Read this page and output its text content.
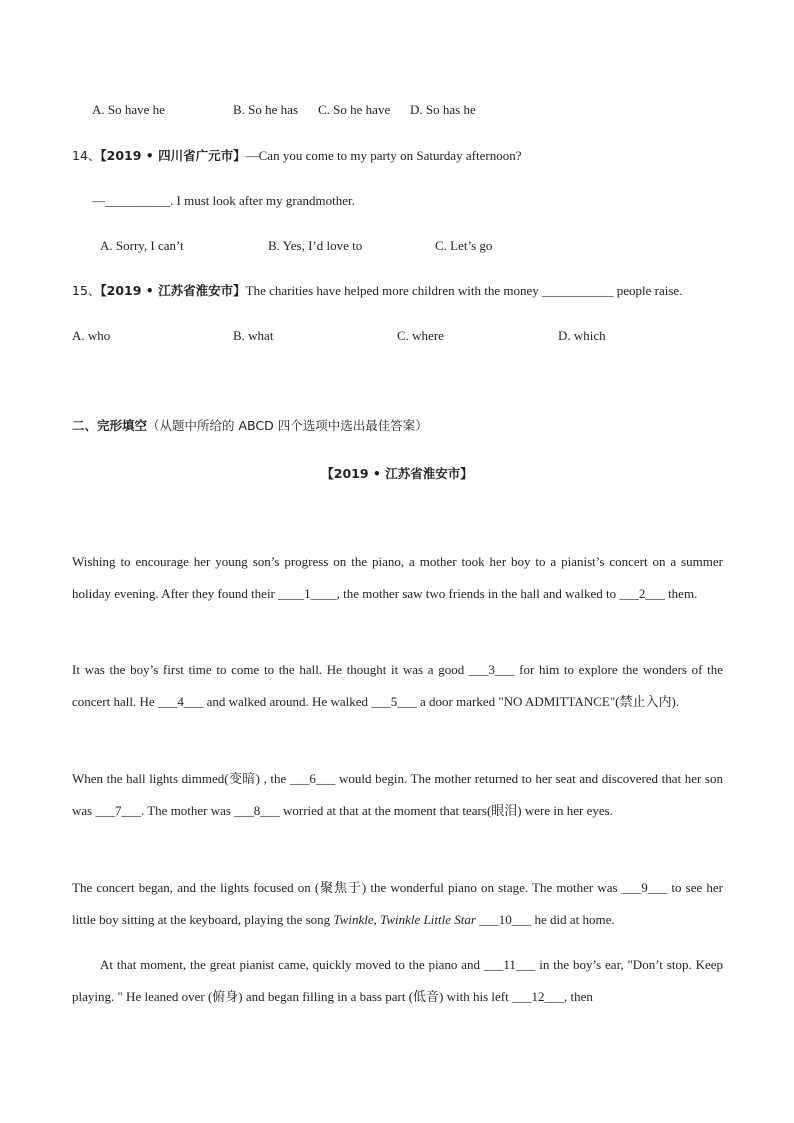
A. So have he	B. So he has C. So he have D. So has he
14、【2019 • 四川省广元市】—Can you come to my party on Saturday afternoon?
—__________. I must look after my grandmother.
A. Sorry, I can’t	B. Yes, I’d love to	C. Let’s go
15、【2019 • 江苏省淮安市】The charities have helped more children with the money ___________ people raise.
A. who	B. what	C. where	D. which
二、完形填空（从题中所给的 ABCD 四个选项中选出最佳答案）
【2019 • 江苏省淮安市】

Wishing to encourage her young son’s progress on the piano, a mother took her boy to a pianist’s concert on a summer holiday evening. After they found their ____1____, the mother saw two friends in the hall and walked to ___2___ them.

It was the boy’s first time to come to the hall. He thought it was a good ___3___ for him to explore the wonders of the concert hall. He ___4___ and walked around. He walked ___5___ a door marked "NO ADMITTANCE"(禁止入内).

When the hall lights dimmed(变暗) , the ___6___ would begin. The mother returned to her seat and discovered that her son was ___7___. The mother was ___8___ worried at that at the moment that tears(眼泪) were in her eyes.

The concert began, and the lights focused on (聚焦于) the wonderful piano on stage. The mother was ___9___ to see her little boy sitting at the keyboard, playing the song Twinkle, Twinkle Little Star ___10___ he did at home.

At that moment, the great pianist came, quickly moved to the piano and ___11___ in the boy’s ear, "Don’t stop. Keep playing. " He leaned over (俯身) and began filling in a bass part (低音) with his left ___12___, then
